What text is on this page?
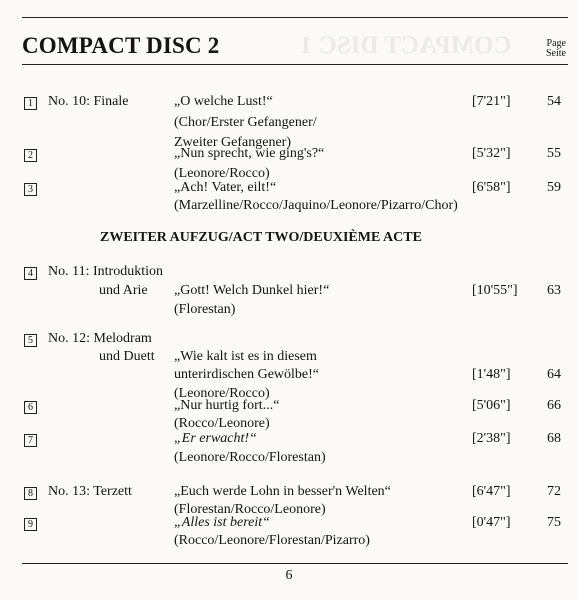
COMPACT DISC 1
COMPACT DISC 2	Page
Seite
1 No. 10: Finale	„O welche Lust!“
(Chor/Erster Gefangener/
Zweiter Gefangener)
[7'21"]	54
2	„Nun sprecht, wie ging's?“
(Leonore/Rocco)
[5'32"]	55
3	„Ach! Vater, eilt!“
(Marzelline/Rocco/Jaquino/Leonore/Pizarro/Chor)
[6'58"]	59
ZWEITER AUFZUG/ACT TWO/DEUXIÈME ACTE
4 No. 11: Introduktion
und Arie „Gott! Welch Dunkel hier!“
(Florestan)
[10'55"] 63
5 No. 12: Melodram
und Duett „Wie kalt ist es in diesem
unterirdischen Gewölbe!“
(Leonore/Rocco)
[1'48"]	64
6	„Nur hurtig fort...“
(Rocco/Leonore)
[5'06"]	66
7	„Er erwacht!“
(Leonore/Rocco/Florestan)
[2'38"]	68
8 No. 13: Terzett	„Euch werde Lohn in besser'n Welten“
(Florestan/Rocco/Leonore)
[6'47"]	72
9	„Alles ist bereit“
(Rocco/Leonore/Florestan/Pizarro)
[0'47"]	75
6
